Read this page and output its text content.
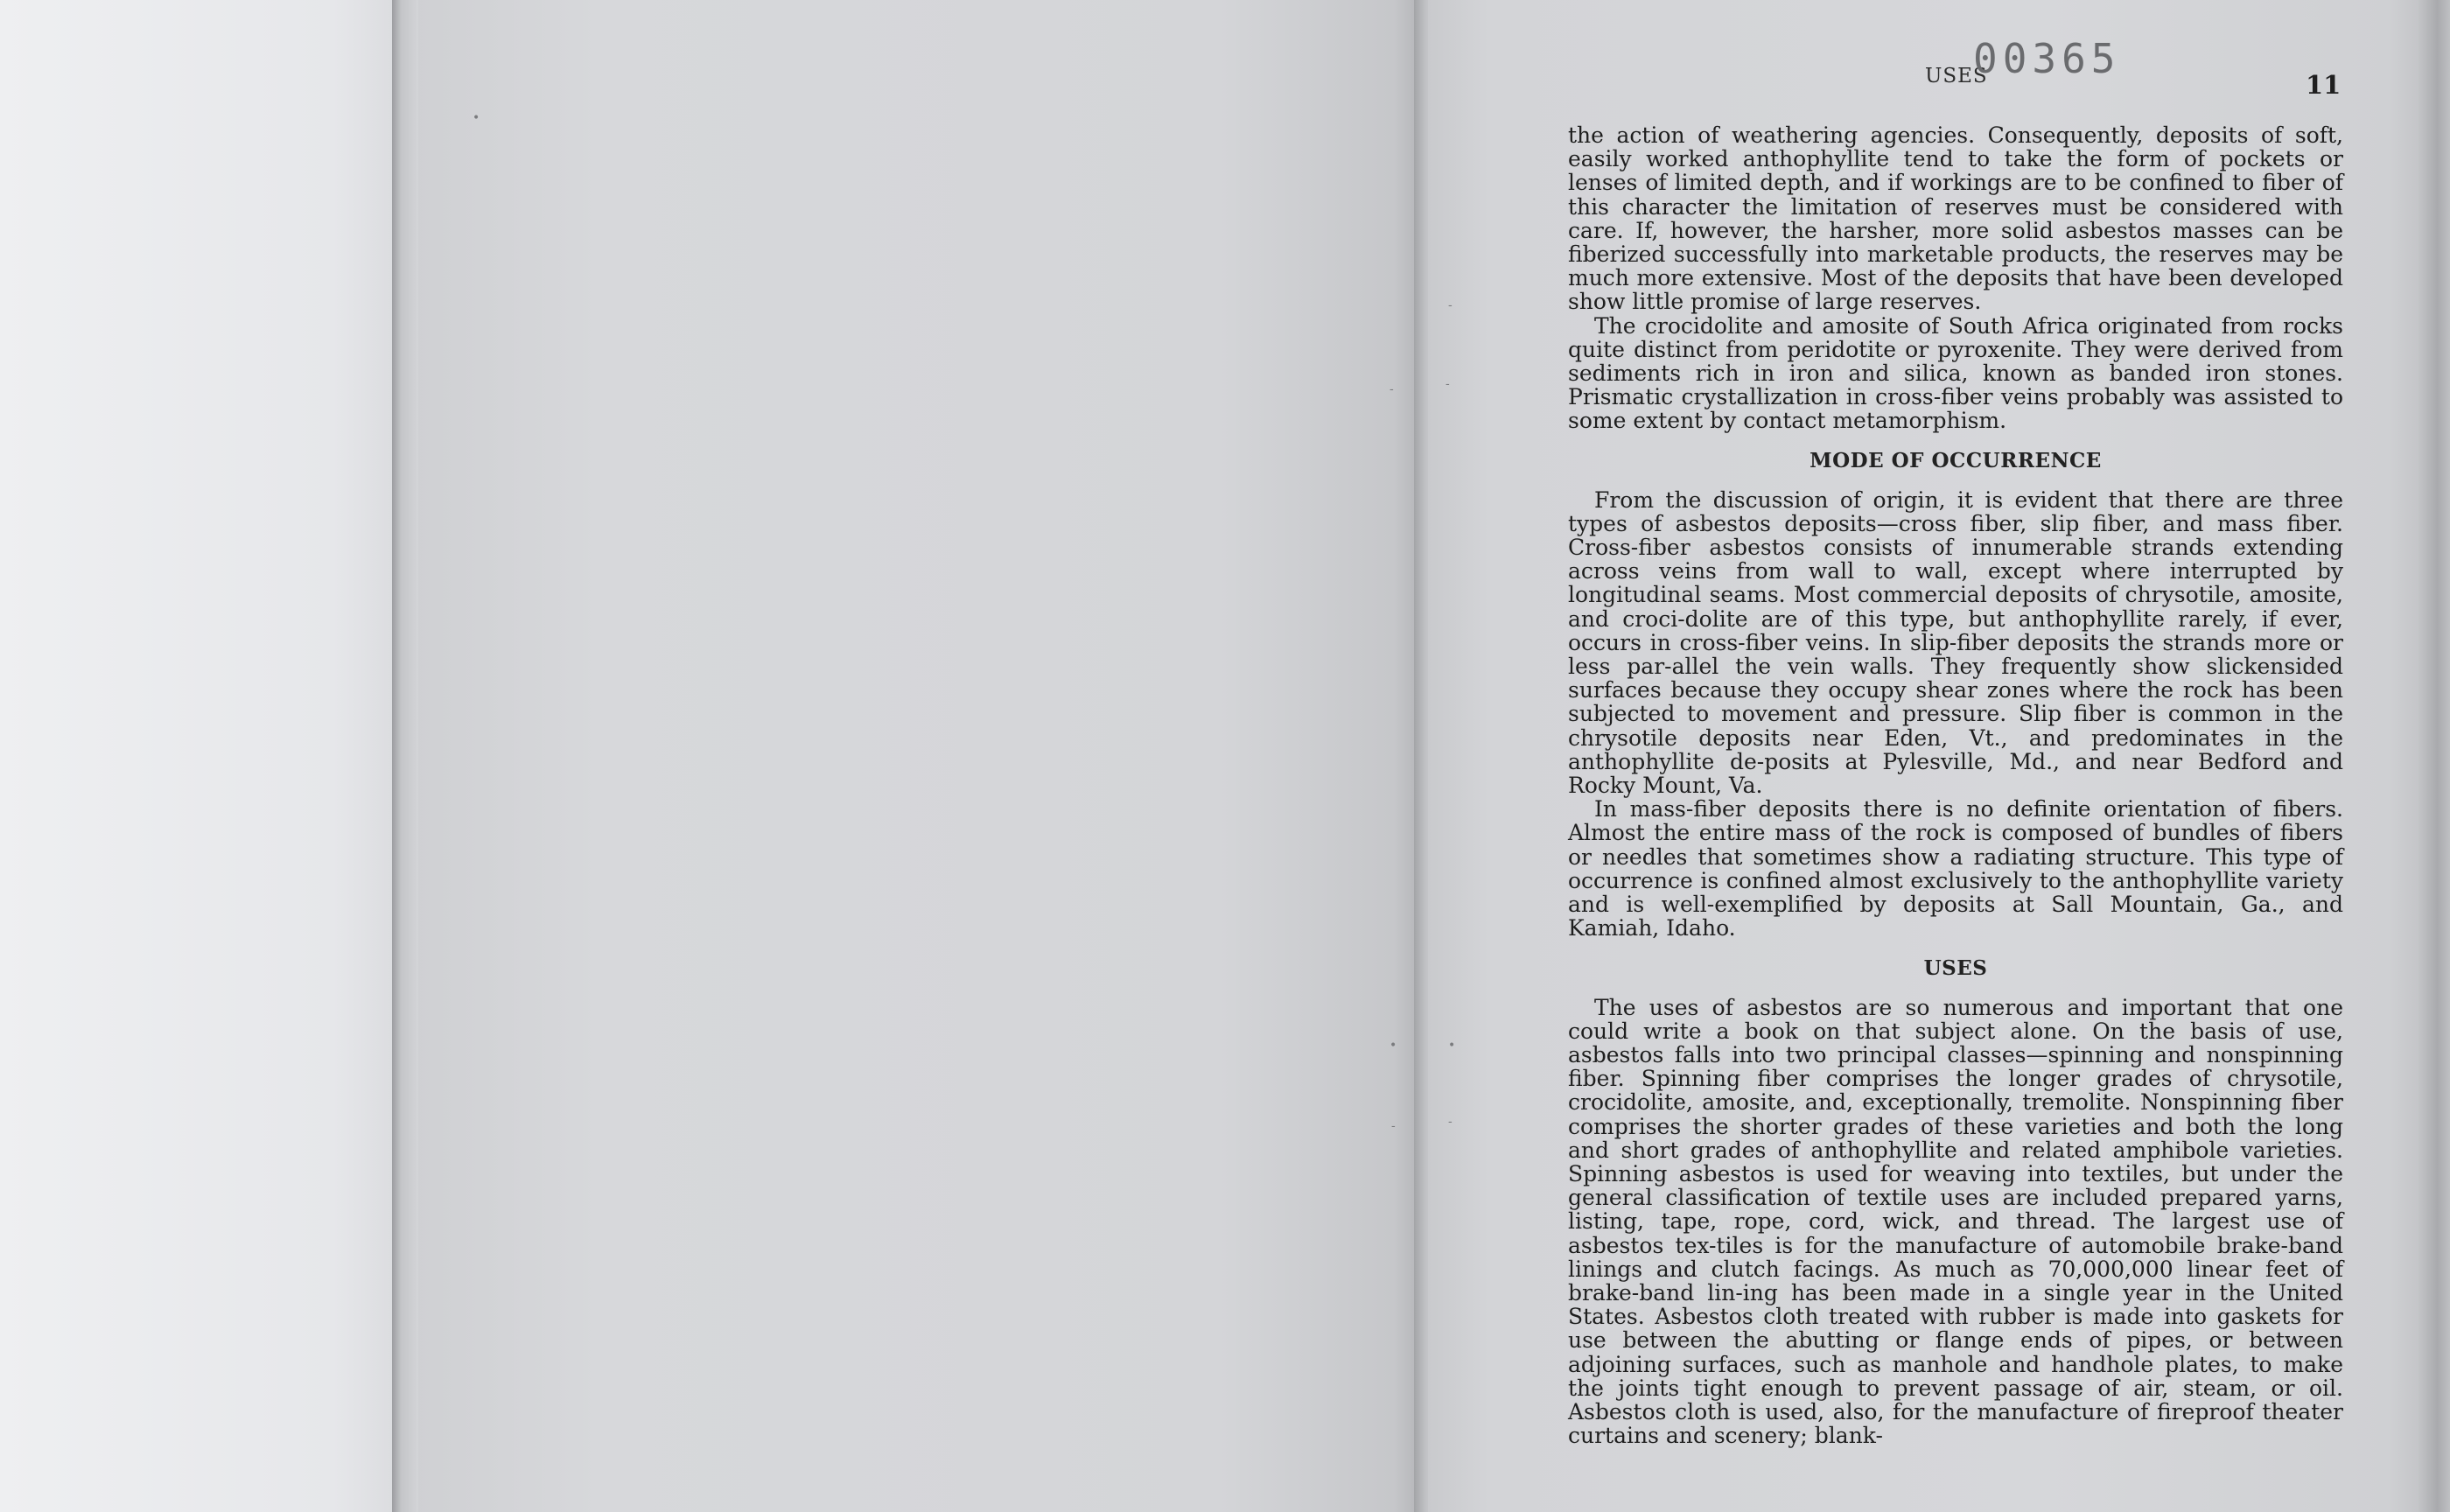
•
-
-
-
•	•
-	-
USES
00365
11

the action of weathering agencies. Consequently, deposits of soft, easily worked anthophyllite tend to take the form of pockets or lenses of limited depth, and if workings are to be confined to fiber of this character the limitation of reserves must be considered with care. If, however, the harsher, more solid asbestos masses can be fiberized successfully into marketable products, the reserves may be much more extensive. Most of the deposits that have been developed show little promise of large reserves.

The crocidolite and amosite of South Africa originated from rocks quite distinct from peridotite or pyroxenite. They were derived from sediments rich in iron and silica, known as banded iron stones. Prismatic crystallization in cross-fiber veins probably was assisted to some extent by contact metamorphism.

MODE OF OCCURRENCE

From the discussion of origin, it is evident that there are three types of asbestos deposits—cross fiber, slip fiber, and mass fiber. Cross-fiber asbestos consists of innumerable strands extending across veins from wall to wall, except where interrupted by longitudinal seams. Most commercial deposits of chrysotile, amosite, and croci-dolite are of this type, but anthophyllite rarely, if ever, occurs in cross-fiber veins. In slip-fiber deposits the strands more or less par-allel the vein walls. They frequently show slickensided surfaces because they occupy shear zones where the rock has been subjected to movement and pressure. Slip fiber is common in the chrysotile deposits near Eden, Vt., and predominates in the anthophyllite de-posits at Pylesville, Md., and near Bedford and Rocky Mount, Va.

In mass-fiber deposits there is no definite orientation of fibers. Almost the entire mass of the rock is composed of bundles of fibers or needles that sometimes show a radiating structure. This type of occurrence is confined almost exclusively to the anthophyllite variety and is well-exemplified by deposits at Sall Mountain, Ga., and Kamiah, Idaho.

USES

The uses of asbestos are so numerous and important that one could write a book on that subject alone. On the basis of use, asbestos falls into two principal classes—spinning and nonspinning fiber. Spinning fiber comprises the longer grades of chrysotile, crocidolite, amosite, and, exceptionally, tremolite. Nonspinning fiber comprises the shorter grades of these varieties and both the long and short grades of anthophyllite and related amphibole varieties. Spinning asbestos is used for weaving into textiles, but under the general classification of textile uses are included prepared yarns, listing, tape, rope, cord, wick, and thread. The largest use of asbestos tex-tiles is for the manufacture of automobile brake-band linings and clutch facings. As much as 70,000,000 linear feet of brake-band lin-ing has been made in a single year in the United States. Asbestos cloth treated with rubber is made into gaskets for use between the abutting or flange ends of pipes, or between adjoining surfaces, such as manhole and handhole plates, to make the joints tight enough to prevent passage of air, steam, or oil. Asbestos cloth is used, also, for the manufacture of fireproof theater curtains and scenery; blank-
